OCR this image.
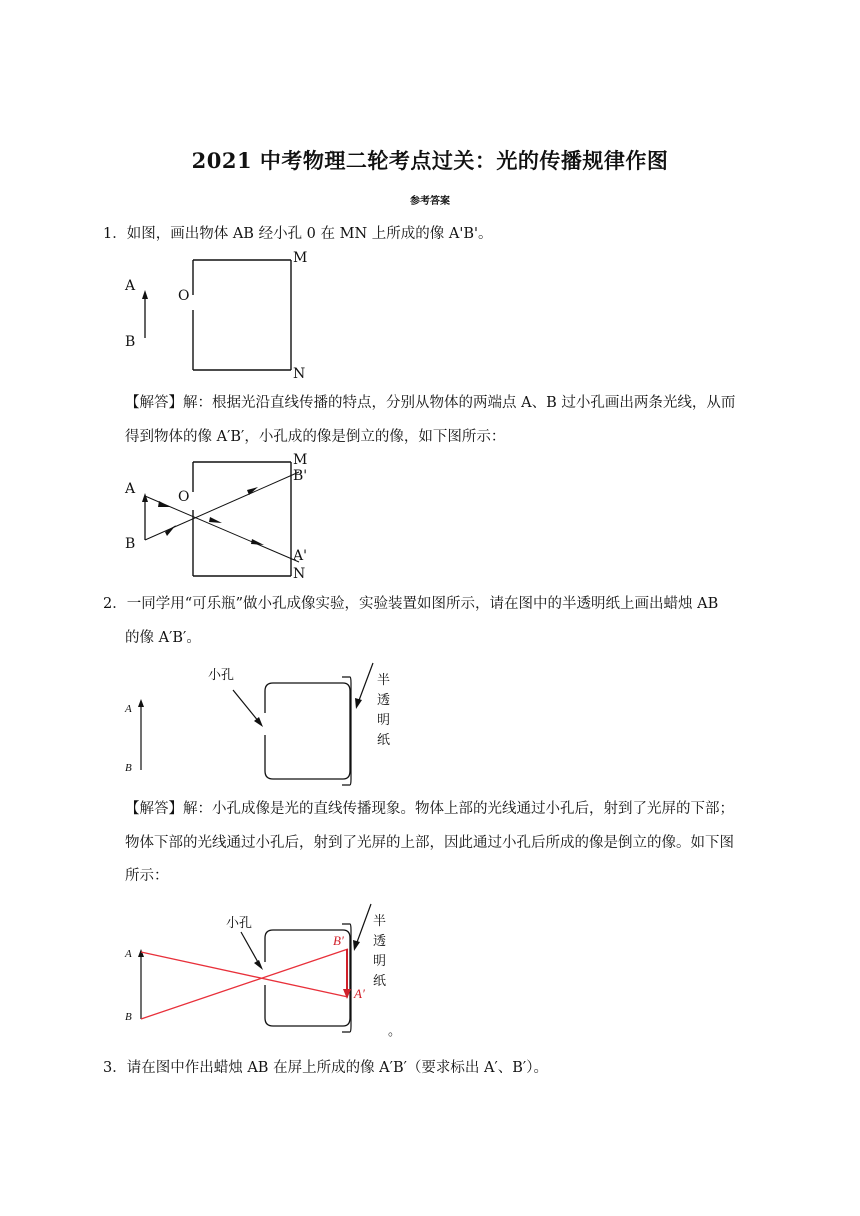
2021 中考物理二轮考点过关：光的传播规律作图
参考答案
1．如图，画出物体 AB 经小孔 0 在 MN 上所成的像 A'B'。
A
B
O
M
N
【解答】解：根据光沿直线传播的特点，分别从物体的两端点 A、B 过小孔画出两条光线，从而
得到物体的像 A′B′，小孔成的像是倒立的像，如下图所示：
A
B
O
M
B'
A'
N
2．一同学用“可乐瓶”做小孔成像实验，实验装置如图所示，请在图中的半透明纸上画出蜡烛 AB
的像 A′B′。
A
B
小孔	半
透
明
纸
【解答】解：小孔成像是光的直线传播现象。物体上部的光线通过小孔后，射到了光屏的下部；
物体下部的光线通过小孔后，射到了光屏的上部，因此通过小孔后所成的像是倒立的像。如下图
所示：
A
B
小孔
B′
A′
半
透
明
纸
。
3．请在图中作出蜡烛 AB 在屏上所成的像 A′B′（要求标出 A′、B′）。
